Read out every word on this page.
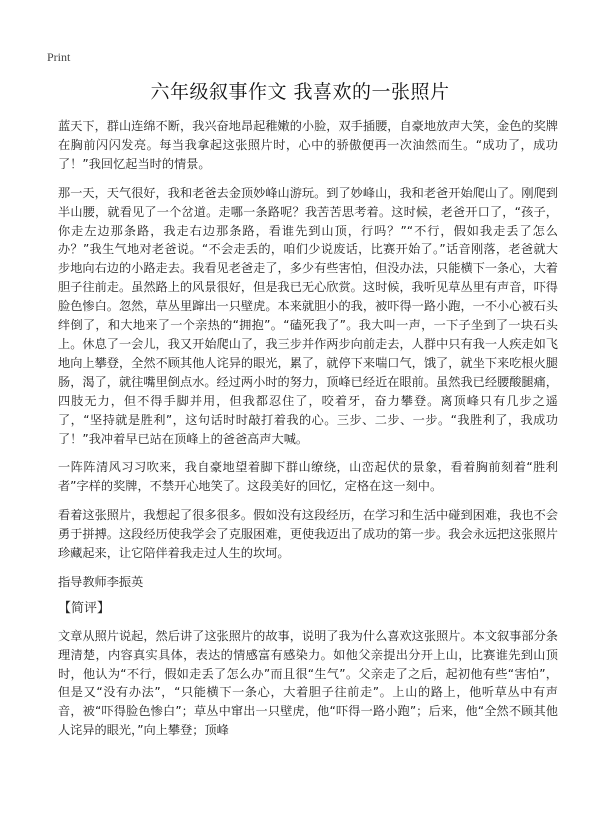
Print
六年级叙事作文 我喜欢的一张照片

蓝天下，群山连绵不断，我兴奋地昂起稚嫩的小脸，双手插腰，自豪地放声大笑，金色的奖牌在胸前闪闪发亮。每当我拿起这张照片时，心中的骄傲便再一次油然而生。“成功了，成功了！”我回忆起当时的情景。

那一天，天气很好，我和老爸去金顶妙峰山游玩。到了妙峰山，我和老爸开始爬山了。刚爬到半山腰，就看见了一个岔道。走哪一条路呢？我苦苦思考着。这时候，老爸开口了，“孩子，你走左边那条路，我走右边那条路，看谁先到山顶，行吗？”“不行，假如我走丢了怎么办？”我生气地对老爸说。“不会走丢的，咱们少说废话，比赛开始了。”话音刚落，老爸就大步地向右边的小路走去。我看见老爸走了，多少有些害怕，但没办法，只能横下一条心，大着胆子往前走。虽然路上的风景很好，但是我已无心欣赏。这时候，我听见草丛里有声音，吓得脸色惨白。忽然，草丛里蹿出一只壁虎。本来就胆小的我，被吓得一路小跑，一不小心被石头绊倒了，和大地来了一个亲热的“拥抱”。“磕死我了”。我大叫一声，一下子坐到了一块石头上。休息了一会儿，我又开始爬山了，我三步并作两步向前走去，人群中只有我一人疾走如飞地向上攀登，全然不顾其他人诧异的眼光，累了，就停下来喘口气，饿了，就坐下来吃根火腿肠，渴了，就往嘴里倒点水。经过两小时的努力，顶峰已经近在眼前。虽然我已经腰酸腿痛，四肢无力，但不得手脚并用，但我都忍住了，咬着牙，奋力攀登。离顶峰只有几步之遥了，“坚持就是胜利”，这句话时时敲打着我的心。三步、二步、一步。“我胜利了，我成功了！”我冲着早已站在顶峰上的爸爸高声大喊。

一阵阵清风习习吹来，我自豪地望着脚下群山缭绕，山峦起伏的景象，看着胸前刻着“胜利者”字样的奖牌，不禁开心地笑了。这段美好的回忆，定格在这一刻中。

看着这张照片，我想起了很多很多。假如没有这段经历，在学习和生活中碰到困难，我也不会勇于拼搏。这段经历使我学会了克服困难，更使我迈出了成功的第一步。我会永远把这张照片珍藏起来，让它陪伴着我走过人生的坎坷。

指导教师李振英
【简评】

文章从照片说起，然后讲了这张照片的故事，说明了我为什么喜欢这张照片。本文叙事部分条理清楚，内容真实具体，表达的情感富有感染力。如他父亲提出分开上山，比赛谁先到山顶时，他认为“不行，假如走丢了怎么办”而且很“生气”。父亲走了之后，起初他有些“害怕”，但是又“没有办法”，“只能横下一条心，大着胆子往前走”。上山的路上，他听草丛中有声音，被“吓得脸色惨白”；草丛中窜出一只壁虎，他“吓得一路小跑”；后来，他“全然不顾其他人诧异的眼光，”向上攀登；顶峰
